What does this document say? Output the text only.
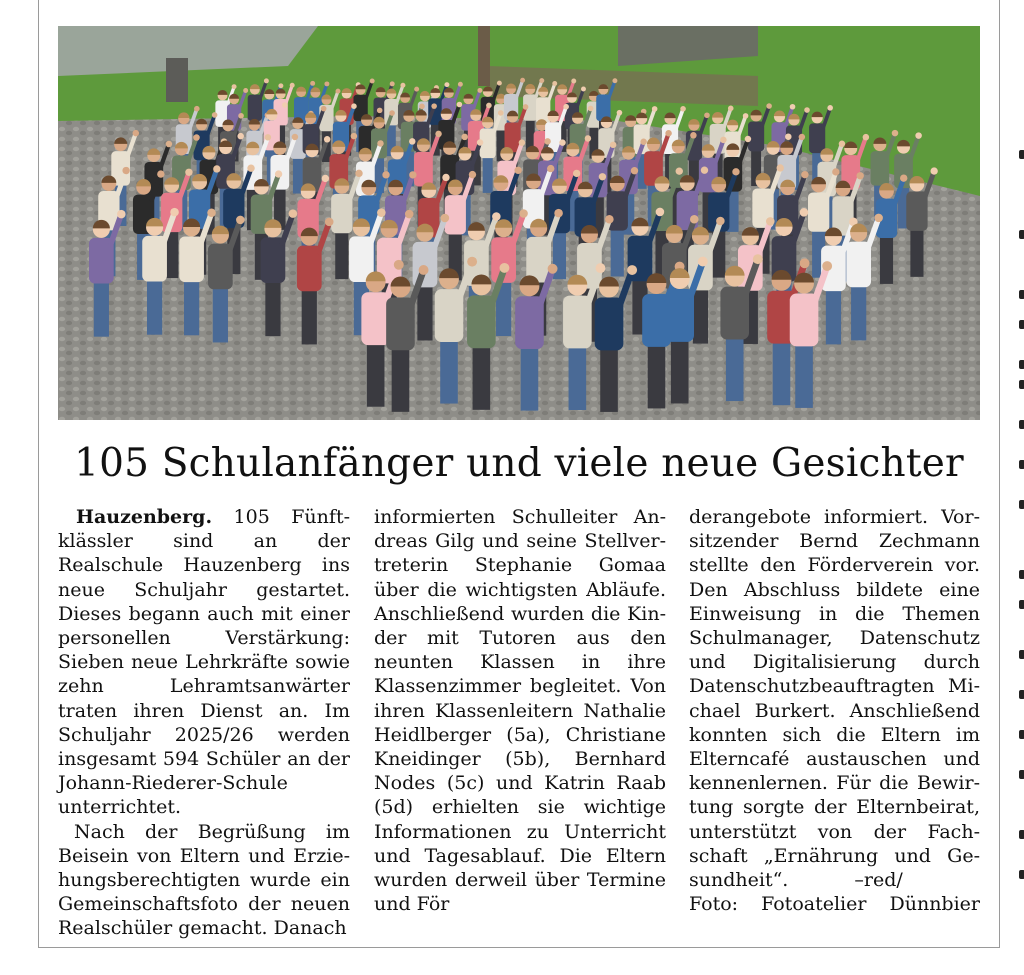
105 Schulanfänger und viele neue Gesichter

Hauzenberg. 105 Fünftklässler sind an der Realschule Hauzenberg ins neue Schuljahr gestartet. Dieses begann auch mit einer personellen Verstärkung: Sieben neue Lehrkräfte sowie zehn Lehramtsanwärter traten ihren Dienst an. Im Schuljahr 2025/26 werden insgesamt 594 Schüler an der Johann-Riederer-Schule unterrichtet.

Nach der Begrüßung im Beisein von Eltern und Erziehungsberechtigten wurde ein Gemeinschaftsfoto der neuen Realschüler gemacht. Danach

informierten Schulleiter Andreas Gilg und seine Stellvertreterin Stephanie Gomaa über die wichtigsten Abläufe. Anschließend wurden die Kinder mit Tutoren aus den neunten Klassen in ihre Klassenzimmer begleitet. Von ihren Klassenleitern Nathalie Heidlberger (5a), Christiane Kneidinger (5b), Bernhard Nodes (5c) und Katrin Raab (5d) erhielten sie wichtige Informationen zu Unterricht und Tagesablauf. Die Eltern wurden derweil über Termine und För

derangebote informiert. Vorsitzender Bernd Zechmann stellte den Förderverein vor. Den Abschluss bildete eine Einweisung in die Themen Schulmanager, Datenschutz und Digitalisierung durch Datenschutzbeauftragten Michael Burkert. Anschließend konnten sich die Eltern im Elterncafé austauschen und kennenlernen. Für die Bewirtung sorgte der Elternbeirat, unterstützt von der Fachschaft „Ernährung und Gesundheit“.	–red/

Foto: Fotoatelier Dünnbier
